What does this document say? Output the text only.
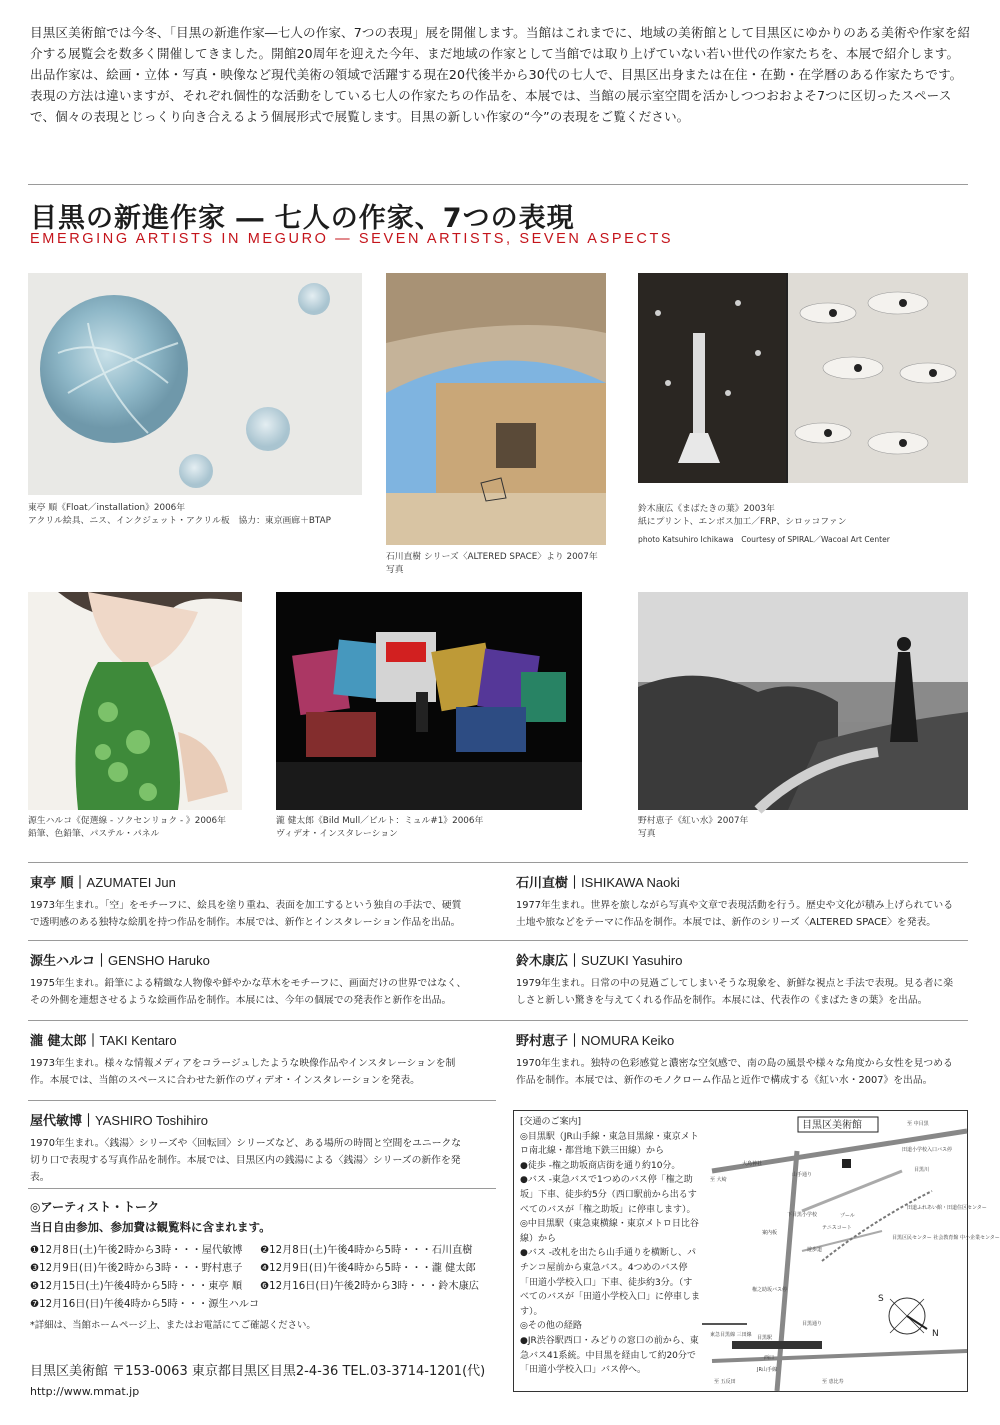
目黒区美術館では今冬、「目黒の新進作家―七人の作家、7つの表現」展を開催します。当館はこれまでに、地域の美術館として目黒区にゆかりのある美術や作家を紹介する展覧会を数多く開催してきました。開館20周年を迎えた今年、まだ地域の作家として当館では取り上げていない若い世代の作家たちを、本展で紹介します。

出品作家は、絵画・立体・写真・映像など現代美術の領域で活躍する現在20代後半から30代の七人で、目黒区出身または在住・在勤・在学暦のある作家たちです。

表現の方法は違いますが、それぞれ個性的な活動をしている七人の作家たちの作品を、本展では、当館の展示室空間を活かしつつおおよそ7つに区切ったスペースで、個々の表現とじっくり向き合えるよう個展形式で展覧します。目黒の新しい作家の“今”の表現をご覧ください。

目黒の新進作家 ― 七人の作家、7つの表現
EMERGING ARTISTS IN MEGURO ― SEVEN ARTISTS, SEVEN ASPECTS
東亭 順《Float／installation》2006年
アクリル絵具、ニス、インクジェット・アクリル板　協力：東京画廊＋BTAP
石川直樹 シリーズ〈ALTERED SPACE〉より 2007年
写真
鈴木康広《まばたきの葉》2003年
紙にプリント、エンボス加工／FRP、シロッコファン
photo Katsuhiro Ichikawa　Courtesy of SPIRAL／Wacoal Art Center
源生ハルコ《促選線 - ソクセンリョク - 》2006年
鉛筆、色鉛筆、パステル・パネル
瀧 健太郎《Bild Mull／ビルト：ミュル#1》2006年
ヴィデオ・インスタレーション
野村恵子《紅い水》2007年
写真
東亭 順｜AZUMATEI Jun
1973年生まれ。「空」をモチーフに、絵具を塗り重ね、表面を加工するという独自の手法で、硬質で透明感のある独特な絵肌を持つ作品を制作。本展では、新作とインスタレーション作品を出品。
石川直樹｜ISHIKAWA Naoki
1977年生まれ。世界を旅しながら写真や文章で表現活動を行う。歴史や文化が積み上げられている土地や旅などをテーマに作品を制作。本展では、新作のシリーズ〈ALTERED SPACE〉を発表。
源生ハルコ｜GENSHO Haruko
1975年生まれ。鉛筆による精緻な人物像や鮮やかな草木をモチーフに、画面だけの世界ではなく、その外側を連想させるような絵画作品を制作。本展には、今年の個展での発表作と新作を出品。
鈴木康広｜SUZUKI Yasuhiro
1979年生まれ。日常の中の見過ごしてしまいそうな現象を、新鮮な視点と手法で表現。見る者に楽しさと新しい驚きを与えてくれる作品を制作。本展には、代表作の《まばたきの葉》を出品。
瀧 健太郎｜TAKI Kentaro
1973年生まれ。様々な情報メディアをコラージュしたような映像作品やインスタレーションを制作。本展では、当館のスペースに合わせた新作のヴィデオ・インスタレーションを発表。
野村恵子｜NOMURA Keiko
1970年生まれ。独特の色彩感覚と濃密な空気感で、南の島の風景や様々な角度から女性を見つめる作品を制作。本展では、新作のモノクローム作品と近作で構成する《紅い水・2007》を出品。
屋代敏博｜YASHIRO Toshihiro
1970年生まれ。〈銭湯〉シリーズや〈回転回〉シリーズなど、ある場所の時間と空間をユニークな切り口で表現する写真作品を制作。本展では、目黒区内の銭湯による〈銭湯〉シリーズの新作を発表。
◎アーティスト・トーク
当日自由参加、参加費は観覧料に含まれます。
❶12月8日(土)午後2時から3時・・・屋代敏博	❷12月8日(土)午後4時から5時・・・石川直樹
❸12月9日(日)午後2時から3時・・・野村恵子	❹12月9日(日)午後4時から5時・・・瀧 健太郎
❺12月15日(土)午後4時から5時・・・東亭 順	❻12月16日(日)午後2時から3時・・・鈴木康広
❼12月16日(日)午後4時から5時・・・源生ハルコ
*詳細は、当館ホームページ上、またはお電話にてご確認ください。
目黒区美術館 〒153-0063 東京都目黒区目黒2-4-36 TEL.03-3714-1201(代)
http://www.mmat.jp
[交通のご案内]
◎目黒駅（JR山手線・東急目黒線・東京メトロ南北線・都営地下鉄三田線）から
●徒歩 ‐権之助坂商店街を通り約10分。
●バス ‐東急バスで1つめのバス停「権之助坂」下車、徒歩約5分（西口駅前から出るすべてのバスが「権之助坂」に停車します）。
◎中目黒駅（東急東横線・東京メトロ日比谷線）から
●バス ‐改札を出たら山手通りを横断し、パチンコ屋前から東急バス。4つめのバス停「田道小学校入口」下車、徒歩約3分。（すべてのバスが「田道小学校入口」に停車します）。
◎その他の経路
●JR渋谷駅西口・みどりの窓口の前から、東急バス41系統。中目黒を経由して約20分で「田道小学校入口」バス停へ。
目黒区美術館	至 中目黒
田道小学校入口バス停
大鳥神社
山手通り
目黒川
至 大崎
下目黒小学校
テニスコート
遊歩道
プール
田道ふれあい館・田道住区センター
目黒区民センター 社会教育館 中小企業センター
案内板
権之助坂バス停
東急目黒線 三田線 目黒駅
西口
JR山手線
目黒通り
至 五反田	至 恵比寿
N
S
